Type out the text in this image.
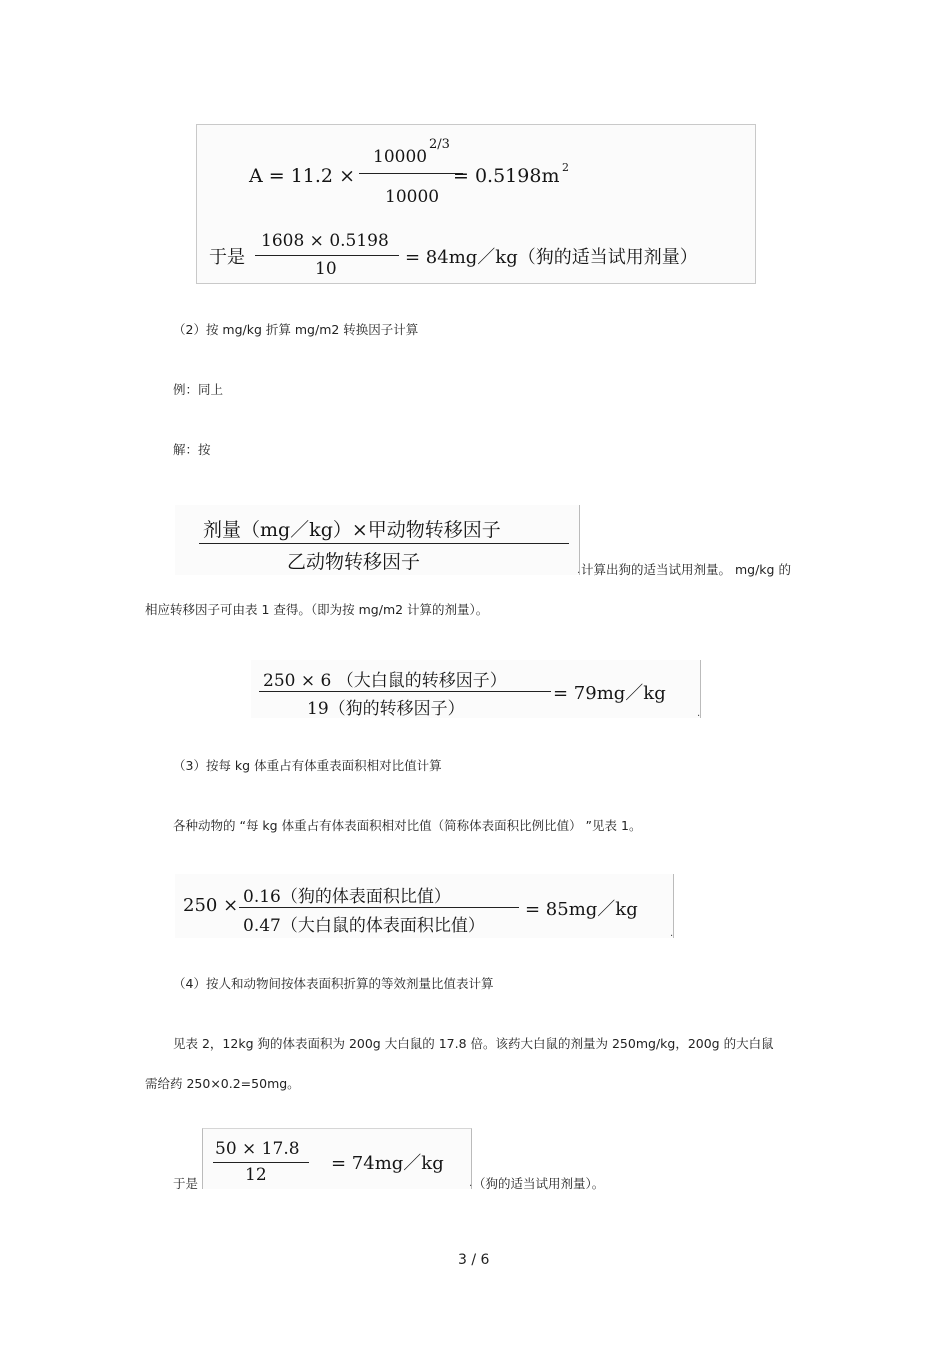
A = 11.2 ×
10000
2/3
10000
= 0.5198m 2
于是
1608 × 0.5198
10
= 84mg／kg（狗的适当试用剂量）
（2）按 mg/kg 折算 mg/m2 转换因子计算
例：同上
解：按
剂量（mg／kg）×甲动物转移因子
乙动物转移因子	. 计算出狗的适当试用剂量。 mg/kg 的
相应转移因子可由表 1 查得。（即为按 mg/m2 计算的剂量）。
250 × 6 （大白鼠的转移因子）
19（狗的转移因子）
= 79mg／kg
.
（3）按每 kg 体重占有体重表面积相对比值计算
各种动物的 “每 kg 体重占有体表面积相对比值（简称体表面积比例比值） ”见表 1。
250 × 0.16（狗的体表面积比值）
0.47（大白鼠的体表面积比值）
= 85mg／kg
.
（4）按人和动物间按体表面积折算的等效剂量比值表计算
见表 2，12kg 狗的体表面积为 200g 大白鼠的 17.8 倍。该药大白鼠的剂量为 250mg/kg，200g 的大白鼠
需给药 250×0.2=50mg。
于是
50 × 17.8
12
= 74mg／kg
. （狗的适当试用剂量）。
3 / 6
